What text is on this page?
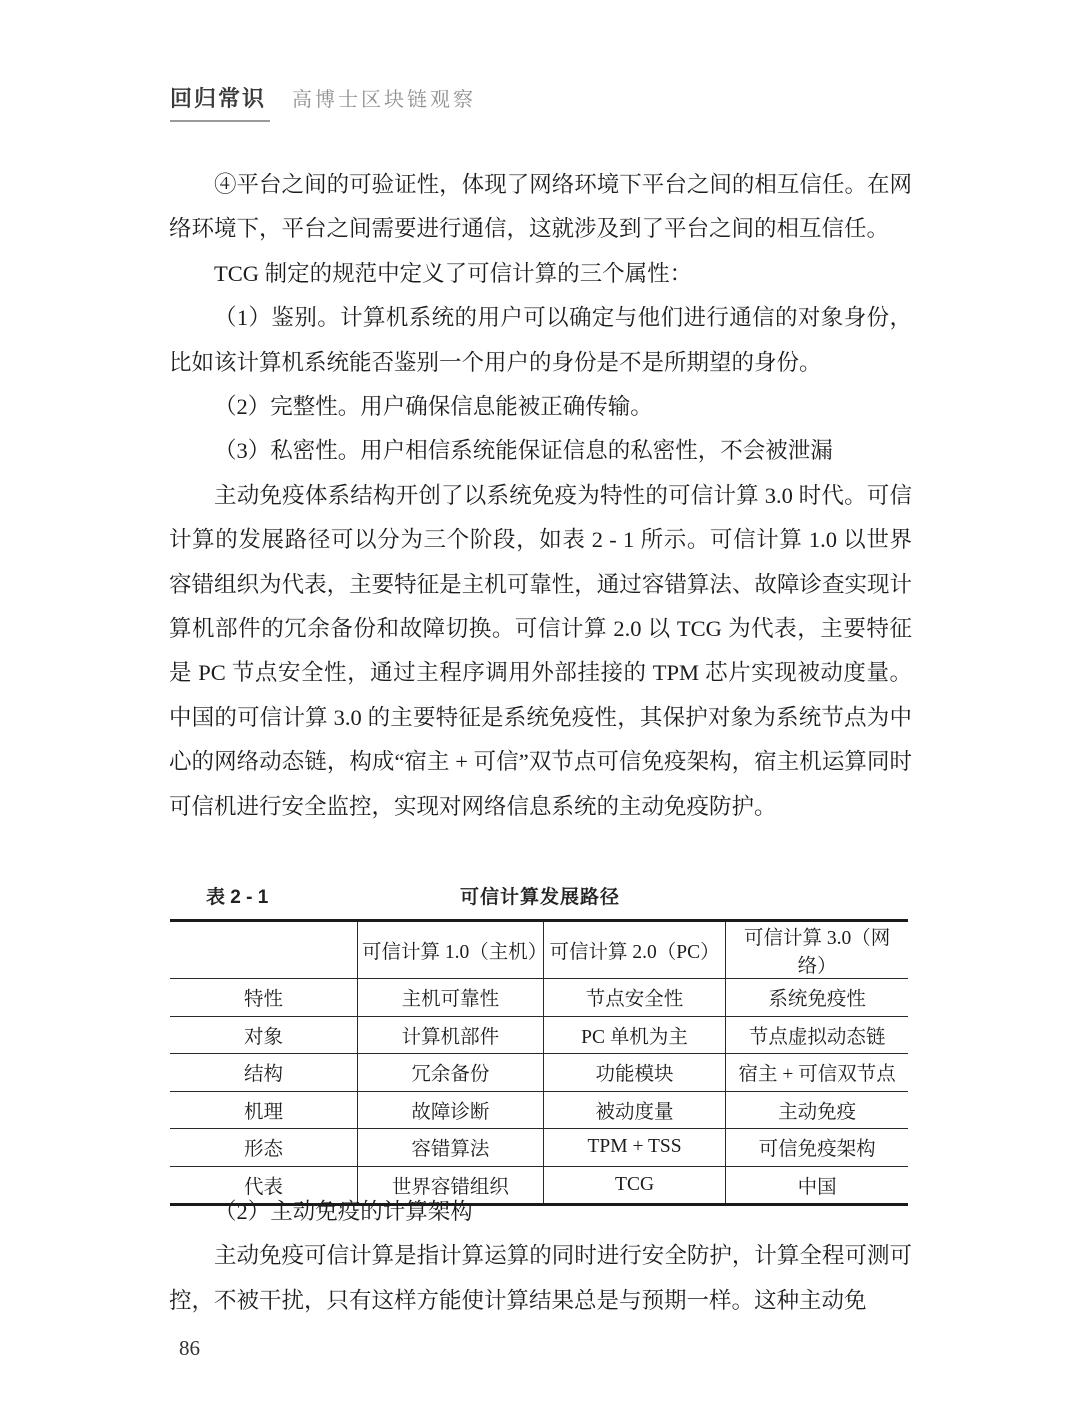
回归常识 高博士区块链观察

④平台之间的可验证性，体现了网络环境下平台之间的相互信任。在网络环境下，平台之间需要进行通信，这就涉及到了平台之间的相互信任。

TCG 制定的规范中定义了可信计算的三个属性：

（1）鉴别。计算机系统的用户可以确定与他们进行通信的对象身份，比如该计算机系统能否鉴别一个用户的身份是不是所期望的身份。

（2）完整性。用户确保信息能被正确传输。

（3）私密性。用户相信系统能保证信息的私密性，不会被泄漏

主动免疫体系结构开创了以系统免疫为特性的可信计算 3.0 时代。可信计算的发展路径可以分为三个阶段，如表 2 - 1 所示。可信计算 1.0 以世界容错组织为代表，主要特征是主机可靠性，通过容错算法、故障诊查实现计算机部件的冗余备份和故障切换。可信计算 2.0 以 TCG 为代表，主要特征是 PC 节点安全性，通过主程序调用外部挂接的 TPM 芯片实现被动度量。中国的可信计算 3.0 的主要特征是系统免疫性，其保护对象为系统节点为中心的网络动态链，构成“宿主 + 可信”双节点可信免疫架构，宿主机运算同时可信机进行安全监控，实现对网络信息系统的主动免疫防护。

表 2 - 1	可信计算发展路径
	可信计算 1.0（主机）	可信计算 2.0（PC）	可信计算 3.0（网络）
特性	主机可靠性	节点安全性	系统免疫性
对象	计算机部件	PC 单机为主	节点虚拟动态链
结构	冗余备份	功能模块	宿主 + 可信双节点
机理	故障诊断	被动度量	主动免疫
形态	容错算法	TPM + TSS	可信免疫架构
代表	世界容错组织	TCG	中国

（2）主动免疫的计算架构

主动免疫可信计算是指计算运算的同时进行安全防护，计算全程可测可控，不被干扰，只有这样方能使计算结果总是与预期一样。这种主动免

86
